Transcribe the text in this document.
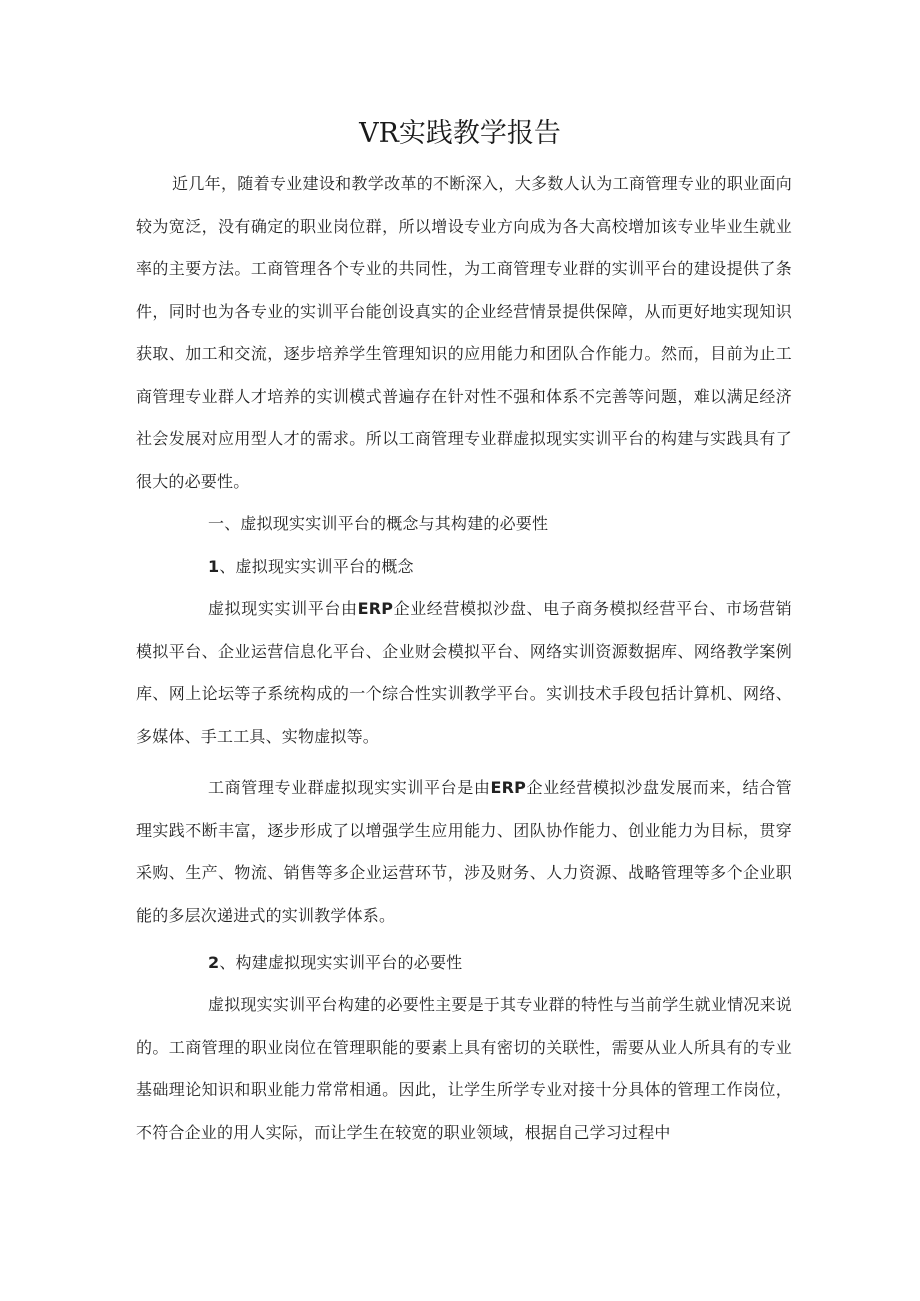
VR实践教学报告

近几年，随着专业建设和教学改革的不断深入，大多数人认为工商管理专业的职业面向较为宽泛，没有确定的职业岗位群，所以增设专业方向成为各大高校增加该专业毕业生就业率的主要方法。工商管理各个专业的共同性，为工商管理专业群的实训平台的建设提供了条件，同时也为各专业的实训平台能创设真实的企业经营情景提供保障，从而更好地实现知识获取、加工和交流，逐步培养学生管理知识的应用能力和团队合作能力。然而，目前为止工商管理专业群人才培养的实训模式普遍存在针对性不强和体系不完善等问题，难以满足经济社会发展对应用型人才的需求。所以工商管理专业群虚拟现实实训平台的构建与实践具有了很大的必要性。

一、虚拟现实实训平台的概念与其构建的必要性

1、虚拟现实实训平台的概念

虚拟现实实训平台由ERP企业经营模拟沙盘、电子商务模拟经营平台、市场营销模拟平台、企业运营信息化平台、企业财会模拟平台、网络实训资源数据库、网络教学案例库、网上论坛等子系统构成的一个综合性实训教学平台。实训技术手段包括计算机、网络、多媒体、手工工具、实物虚拟等。

工商管理专业群虚拟现实实训平台是由ERP企业经营模拟沙盘发展而来，结合管理实践不断丰富，逐步形成了以增强学生应用能力、团队协作能力、创业能力为目标，贯穿采购、生产、物流、销售等多企业运营环节，涉及财务、人力资源、战略管理等多个企业职能的多层次递进式的实训教学体系。

2、构建虚拟现实实训平台的必要性

虚拟现实实训平台构建的必要性主要是于其专业群的特性与当前学生就业情况来说的。工商管理的职业岗位在管理职能的要素上具有密切的关联性，需要从业人所具有的专业基础理论知识和职业能力常常相通。因此，让学生所学专业对接十分具体的管理工作岗位，不符合企业的用人实际，而让学生在较宽的职业领域，根据自己学习过程中
